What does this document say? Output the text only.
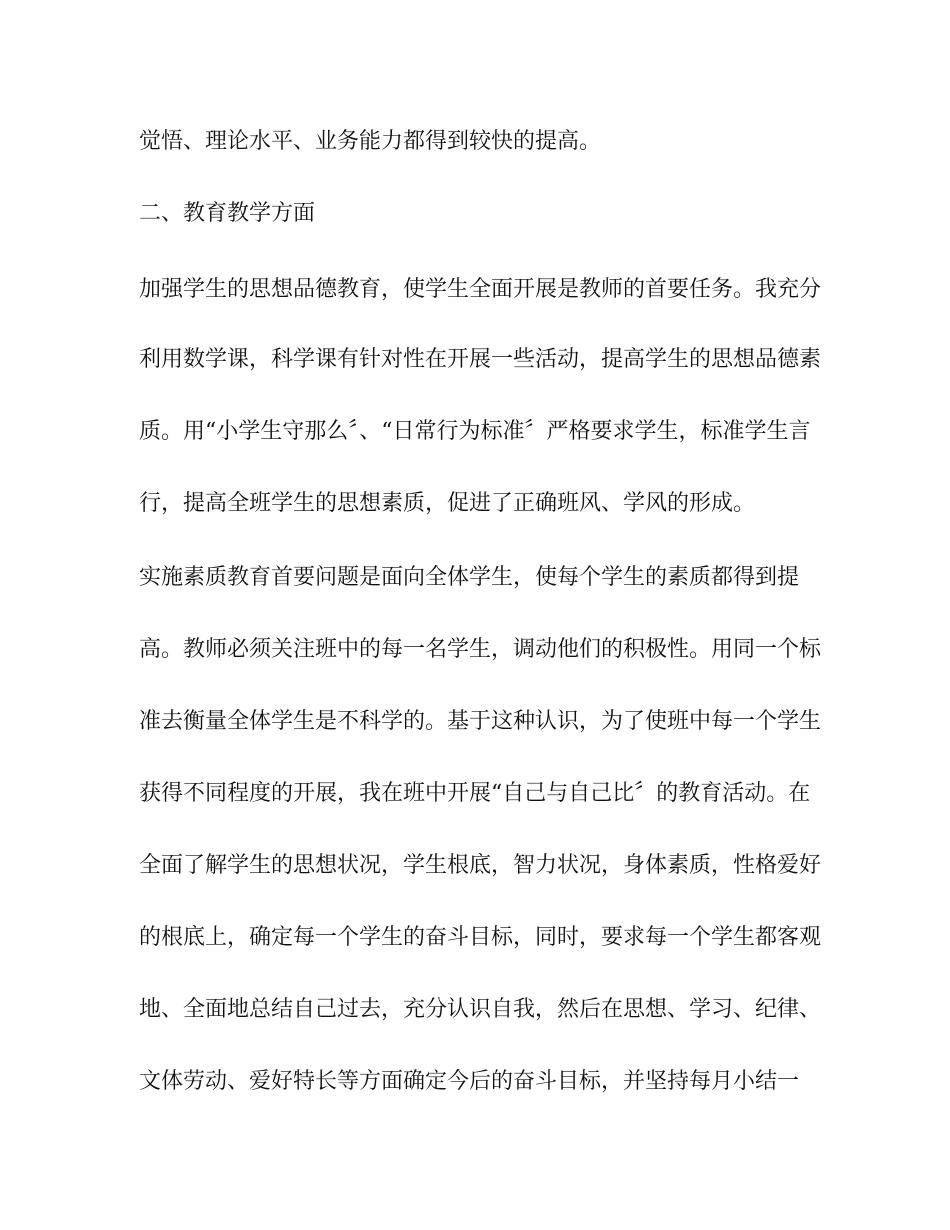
觉悟、理论水平、业务能力都得到较快的提高。
二、教育教学方面
加强学生的思想品德教育，使学生全面开展是教师的首要任务。我充分
利用数学课，科学课有针对性在开展一些活动，提高学生的思想品德素
质。用“小学生守那么〞、“日常行为标准〞严格要求学生，标准学生言
行，提高全班学生的思想素质，促进了正确班风、学风的形成。
实施素质教育首要问题是面向全体学生，使每个学生的素质都得到提
高。教师必须关注班中的每一名学生，调动他们的积极性。用同一个标
准去衡量全体学生是不科学的。基于这种认识，为了使班中每一个学生
获得不同程度的开展，我在班中开展“自己与自己比〞的教育活动。在
全面了解学生的思想状况，学生根底，智力状况，身体素质，性格爱好
的根底上，确定每一个学生的奋斗目标，同时，要求每一个学生都客观
地、全面地总结自己过去，充分认识自我，然后在思想、学习、纪律、
文体劳动、爱好特长等方面确定今后的奋斗目标，并坚持每月小结一
